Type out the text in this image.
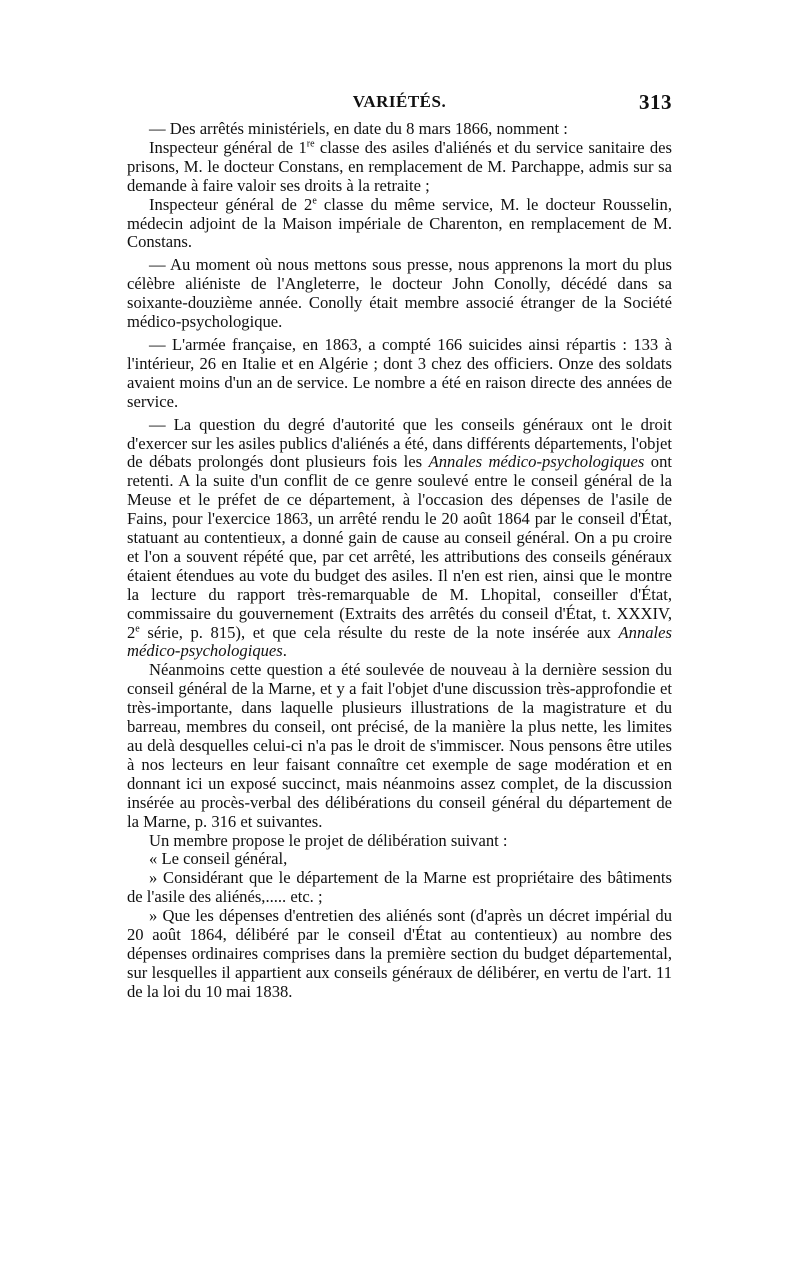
VARIÉTÉS.	313

— Des arrêtés ministériels, en date du 8 mars 1866, nomment :

Inspecteur général de 1re classe des asiles d'aliénés et du service sanitaire des prisons, M. le docteur Constans, en remplacement de M. Parchappe, admis sur sa demande à faire valoir ses droits à la retraite ;

Inspecteur général de 2e classe du même service, M. le docteur Rousselin, médecin adjoint de la Maison impériale de Charenton, en remplacement de M. Constans.

— Au moment où nous mettons sous presse, nous apprenons la mort du plus célèbre aliéniste de l'Angleterre, le docteur John Conolly, décédé dans sa soixante-douzième année. Conolly était membre associé étranger de la Société médico-psychologique.

— L'armée française, en 1863, a compté 166 suicides ainsi répartis : 133 à l'intérieur, 26 en Italie et en Algérie ; dont 3 chez des officiers. Onze des soldats avaient moins d'un an de service. Le nombre a été en raison directe des années de service.

— La question du degré d'autorité que les conseils généraux ont le droit d'exercer sur les asiles publics d'aliénés a été, dans différents départements, l'objet de débats prolongés dont plusieurs fois les Annales médico-psychologiques ont retenti. A la suite d'un conflit de ce genre soulevé entre le conseil général de la Meuse et le préfet de ce département, à l'occasion des dépenses de l'asile de Fains, pour l'exercice 1863, un arrêté rendu le 20 août 1864 par le conseil d'État, statuant au contentieux, a donné gain de cause au conseil général. On a pu croire et l'on a souvent répété que, par cet arrêté, les attributions des conseils généraux étaient étendues au vote du budget des asiles. Il n'en est rien, ainsi que le montre la lecture du rapport très-remarquable de M. Lhopital, conseiller d'État, commissaire du gouvernement (Extraits des arrêtés du conseil d'État, t. XXXIV, 2e série, p. 815), et que cela résulte du reste de la note insérée aux Annales médico-psychologiques.

Néanmoins cette question a été soulevée de nouveau à la dernière session du conseil général de la Marne, et y a fait l'objet d'une discussion très-approfondie et très-importante, dans laquelle plusieurs illustrations de la magistrature et du barreau, membres du conseil, ont précisé, de la manière la plus nette, les limites au delà desquelles celui-ci n'a pas le droit de s'immiscer. Nous pensons être utiles à nos lecteurs en leur faisant connaître cet exemple de sage modération et en donnant ici un exposé succinct, mais néanmoins assez complet, de la discussion insérée au procès-verbal des délibérations du conseil général du département de la Marne, p. 316 et suivantes.

Un membre propose le projet de délibération suivant :

« Le conseil général,

» Considérant que le département de la Marne est propriétaire des bâtiments de l'asile des aliénés,..... etc. ;

» Que les dépenses d'entretien des aliénés sont (d'après un décret impérial du 20 août 1864, délibéré par le conseil d'État au contentieux) au nombre des dépenses ordinaires comprises dans la première section du budget départemental, sur lesquelles il appartient aux conseils généraux de délibérer, en vertu de l'art. 11 de la loi du 10 mai 1838.
